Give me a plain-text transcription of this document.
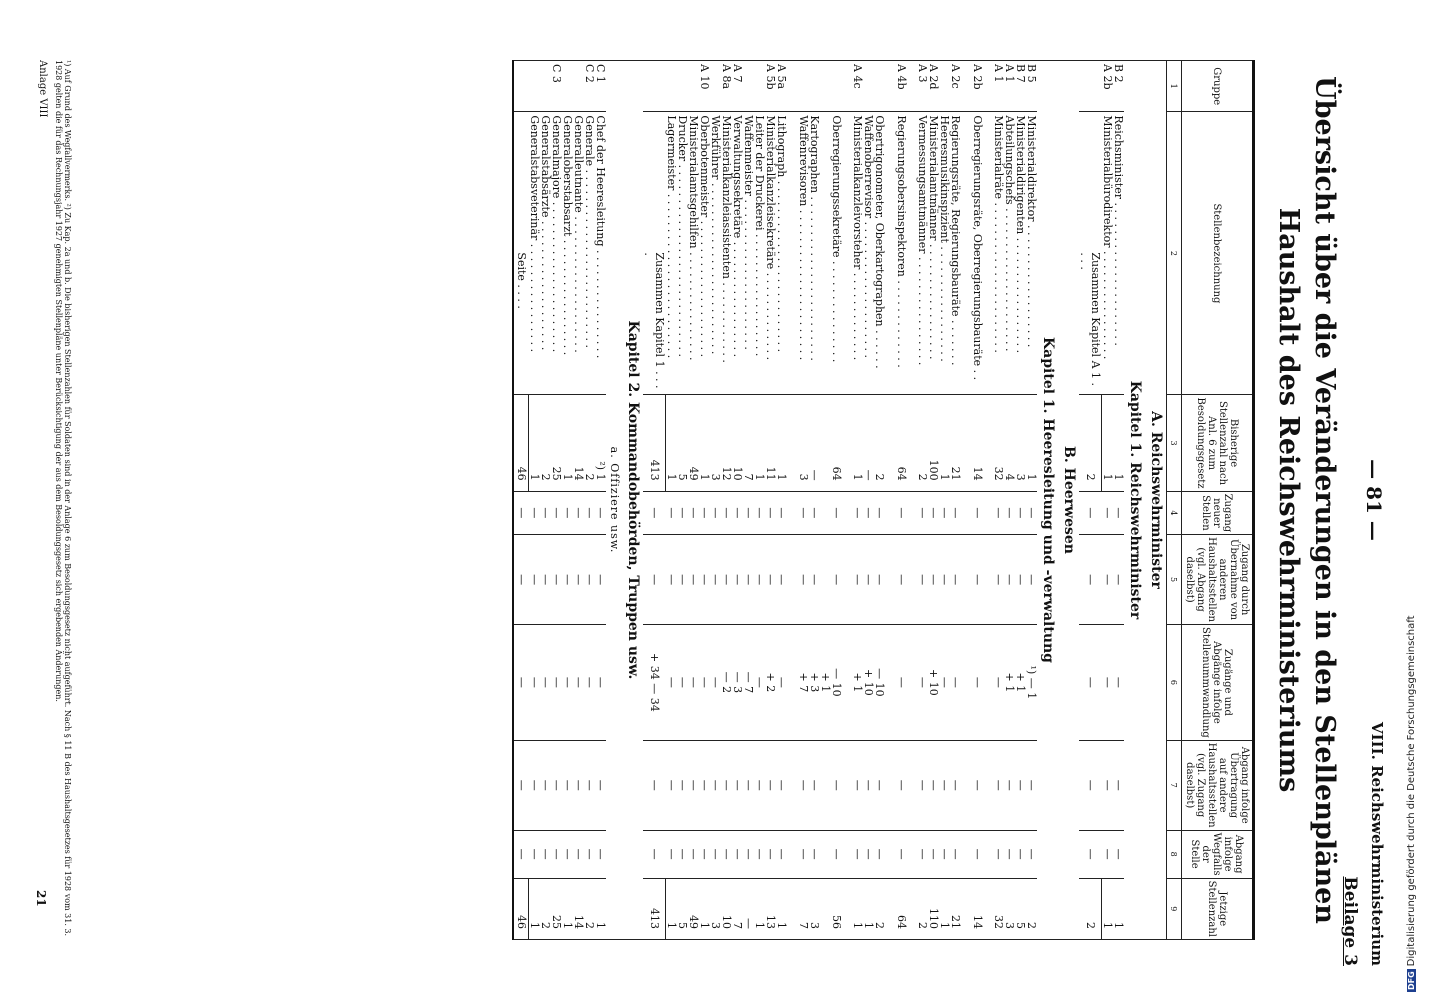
— 81 —
VIII. Reichswehrministerium
Beilage 3
Übersicht über die Veränderungen in den Stellenplänen
Haushalt des Reichswehrministeriums
Gruppe	Stellenbezeichnung	Bisherige Stellenzahl nach Anl. 6 zum Besoldungsgesetz	Zugang neuer Stellen	Zugang durch Übernahme von anderen Haushaltsstellen (vgl. Abgang daselbst)	Zugänge und Abgänge infolge Stellenummwandlung	Abgang infolge Übertragung auf andere Haushaltsstellen (vgl. Zugang daselbst)	Abgang infolge Wegfalls der Stelle	Jetzige Stellenzahl
1	2	3	4	5	6	7	8	9
A. Reichswehrminister								
Kapitel 1. Reichswehrminister								
B 2	Reichsminister . . . . . . . . . . . . . . . . . . . . .	1	—	—	—	—	—	1
A 2b	Ministerialbürodirektor . . . . . . . . . . . . . . . .	1	—	—	—	—	—	1
	Zusammen Kapitel A 1 . . . .	2	—	—	—	—	—	2
B. Heerwesen								
Kapitel 1. Heeresleitung und -verwaltung								
B 5	Ministerialdirektor . . . . . . . . . . . . . . . . . .	1	—	—	¹) — 1	—	—	2
B 7	Ministerialdirigenten . . . . . . . . . . . . . . . . .	3	—	—	+ 1	—	—	5
A 1	Abteilungschefs . . . . . . . . . . . . . . . . . . . . .	4	—	—	+ 1	—	—	3
A 1	Ministerialräte . . . . . . . . . . . . . . . . . . . . . .	32	—	—	—	—	—	32

A 2b	Oberregierungsräte, Oberregierungsbauräte . .	14	—	—	—	—	—	14

A 2c	Regierungsräte, Regierungsbauräte . . . . . . .	21	—	—	—	—	—	21
	Heeresmusikinspizient . . . . . . . . . . . . . . . . .	1	—	—	—	—	—	1
A 2d	Ministerialamtmänner . . . . . . . . . . . . . . . . .	100	—	—	+ 10	—	—	110
A 3	Vermessungsamtmänner . . . . . . . . . . . . . . . .	2	—	—	—	—	—	2

A 4b	Regierungsobersinspektoren . . . . . . . . . . . . .	64	—	—	—	—	—	64

	Obertrigonometer, Oberkartographen . . . . . .	2	—	—	— 10	—	—	2
	Waffenoberrevisor . . . . . . . . . . . . . . . . . . . .	—	—	—	+ 10	—	—	1
A 4c	Ministerialkanzleivorsteher . . . . . . . . . . . . .	1	—	—	+ 1	—	—	1

	Oberregierungssekretäre . . . . . . . . . . . . . . .	64	—	—	— 10	—	—	56
					+ 1			
	Kartographen . . . . . . . . . . . . . . . . . . . . . . . .	—	—	—	+ 3	—	—	3
	Waffenrevisoren . . . . . . . . . . . . . . . . . . . . . .	3	—	—	+ 7	—	—	7

A 5a	Lithograph . . . . . . . . . . . . . . . . . . . . . . . . .	1	—	—	—	—	—	1
A 5b	Ministerialkanzleisekretäre . . . . . . . . . . . . .	11	—	—	+ 2	—	—	13
	Leiter der Druckerei . . . . . . . . . . . . . . . . . .	1	—	—	—	—	—	1
	Waffenmeister . . . . . . . . . . . . . . . . . . . . . .	7	—	—	— 7	—	—	—
A 7	Verwaltungssekretäre . . . . . . . . . . . . . . . . .	10	—	—	— 3	—	—	7
A 8a	Ministerialkanzleiassistenten . . . . . . . . . . . .	12	—	—	— 2	—	—	10
	Werkführer . . . . . . . . . . . . . . . . . . . . . . . . .	3	—	—	—	—	—	3
A 10	Oberbotenmeister . . . . . . . . . . . . . . . . . . . .	1	—	—	—	—	—	1
	Ministerialamtsgehilfen . . . . . . . . . . . . . . . .	49	—	—	—	—	—	49
	Drucker . . . . . . . . . . . . . . . . . . . . . . . . . . . .	5	—	—	—	—	—	5
	Lagermeister . . . . . . . . . . . . . . . . . . . . . . . .	1	—	—	—	—	—	1
	Zusammen Kapitel 1 . . . .	413	—	—	+ 34 — 34	—	—	413
Kapitel 2. Kommandobehörden, Truppen usw.								
a. Offiziere usw.								
C 1	Chef der Heeresleitung . . . . . . . . . . . . . . . .	²) 1	—	—	—	—	—	1
C 2	Generale . . . . . . . . . . . . . . . . . . . . . . . . . .	2	—	—	—	—	—	2
	Generalleutnante . . . . . . . . . . . . . . . . . . . .	14	—	—	—	—	—	14
	Generaloberstabsarzt . . . . . . . . . . . . . . . . .	1	—	—	—	—	—	1
C 3	Generalmajore . . . . . . . . . . . . . . . . . . . . . .	25	—	—	—	—	—	25
	Generalstabsärzte . . . . . . . . . . . . . . . . . . .	2	—	—	—	—	—	2
	Generalstabsveterinär . . . . . . . . . . . . . . . .	1	—	—	—	—	—	1
	Seite . . . .	46	—	—	—	—	—	46
¹) Auf Grund des Wegfallvermerks. ²) Zu Kap. 2a und b. Die bisherigen Stellenzahlen für Soldaten sind in der Anlage 6 zum Besoldungsgesetz nicht aufgeführt. Nach § 11 B des Haushaltsgesetzes für 1928 vom 31. 3. 1928 gelten die für das Rechnungsjahr 1927 genehmigten Stellenpläne unter Berücksichtigung der aus dem Besoldungsgesetz sich ergebenden Änderungen.
Anlage VIII
21
DFGDigitalisierung gefördert durch die Deutsche Forschungsgemeinschaft
